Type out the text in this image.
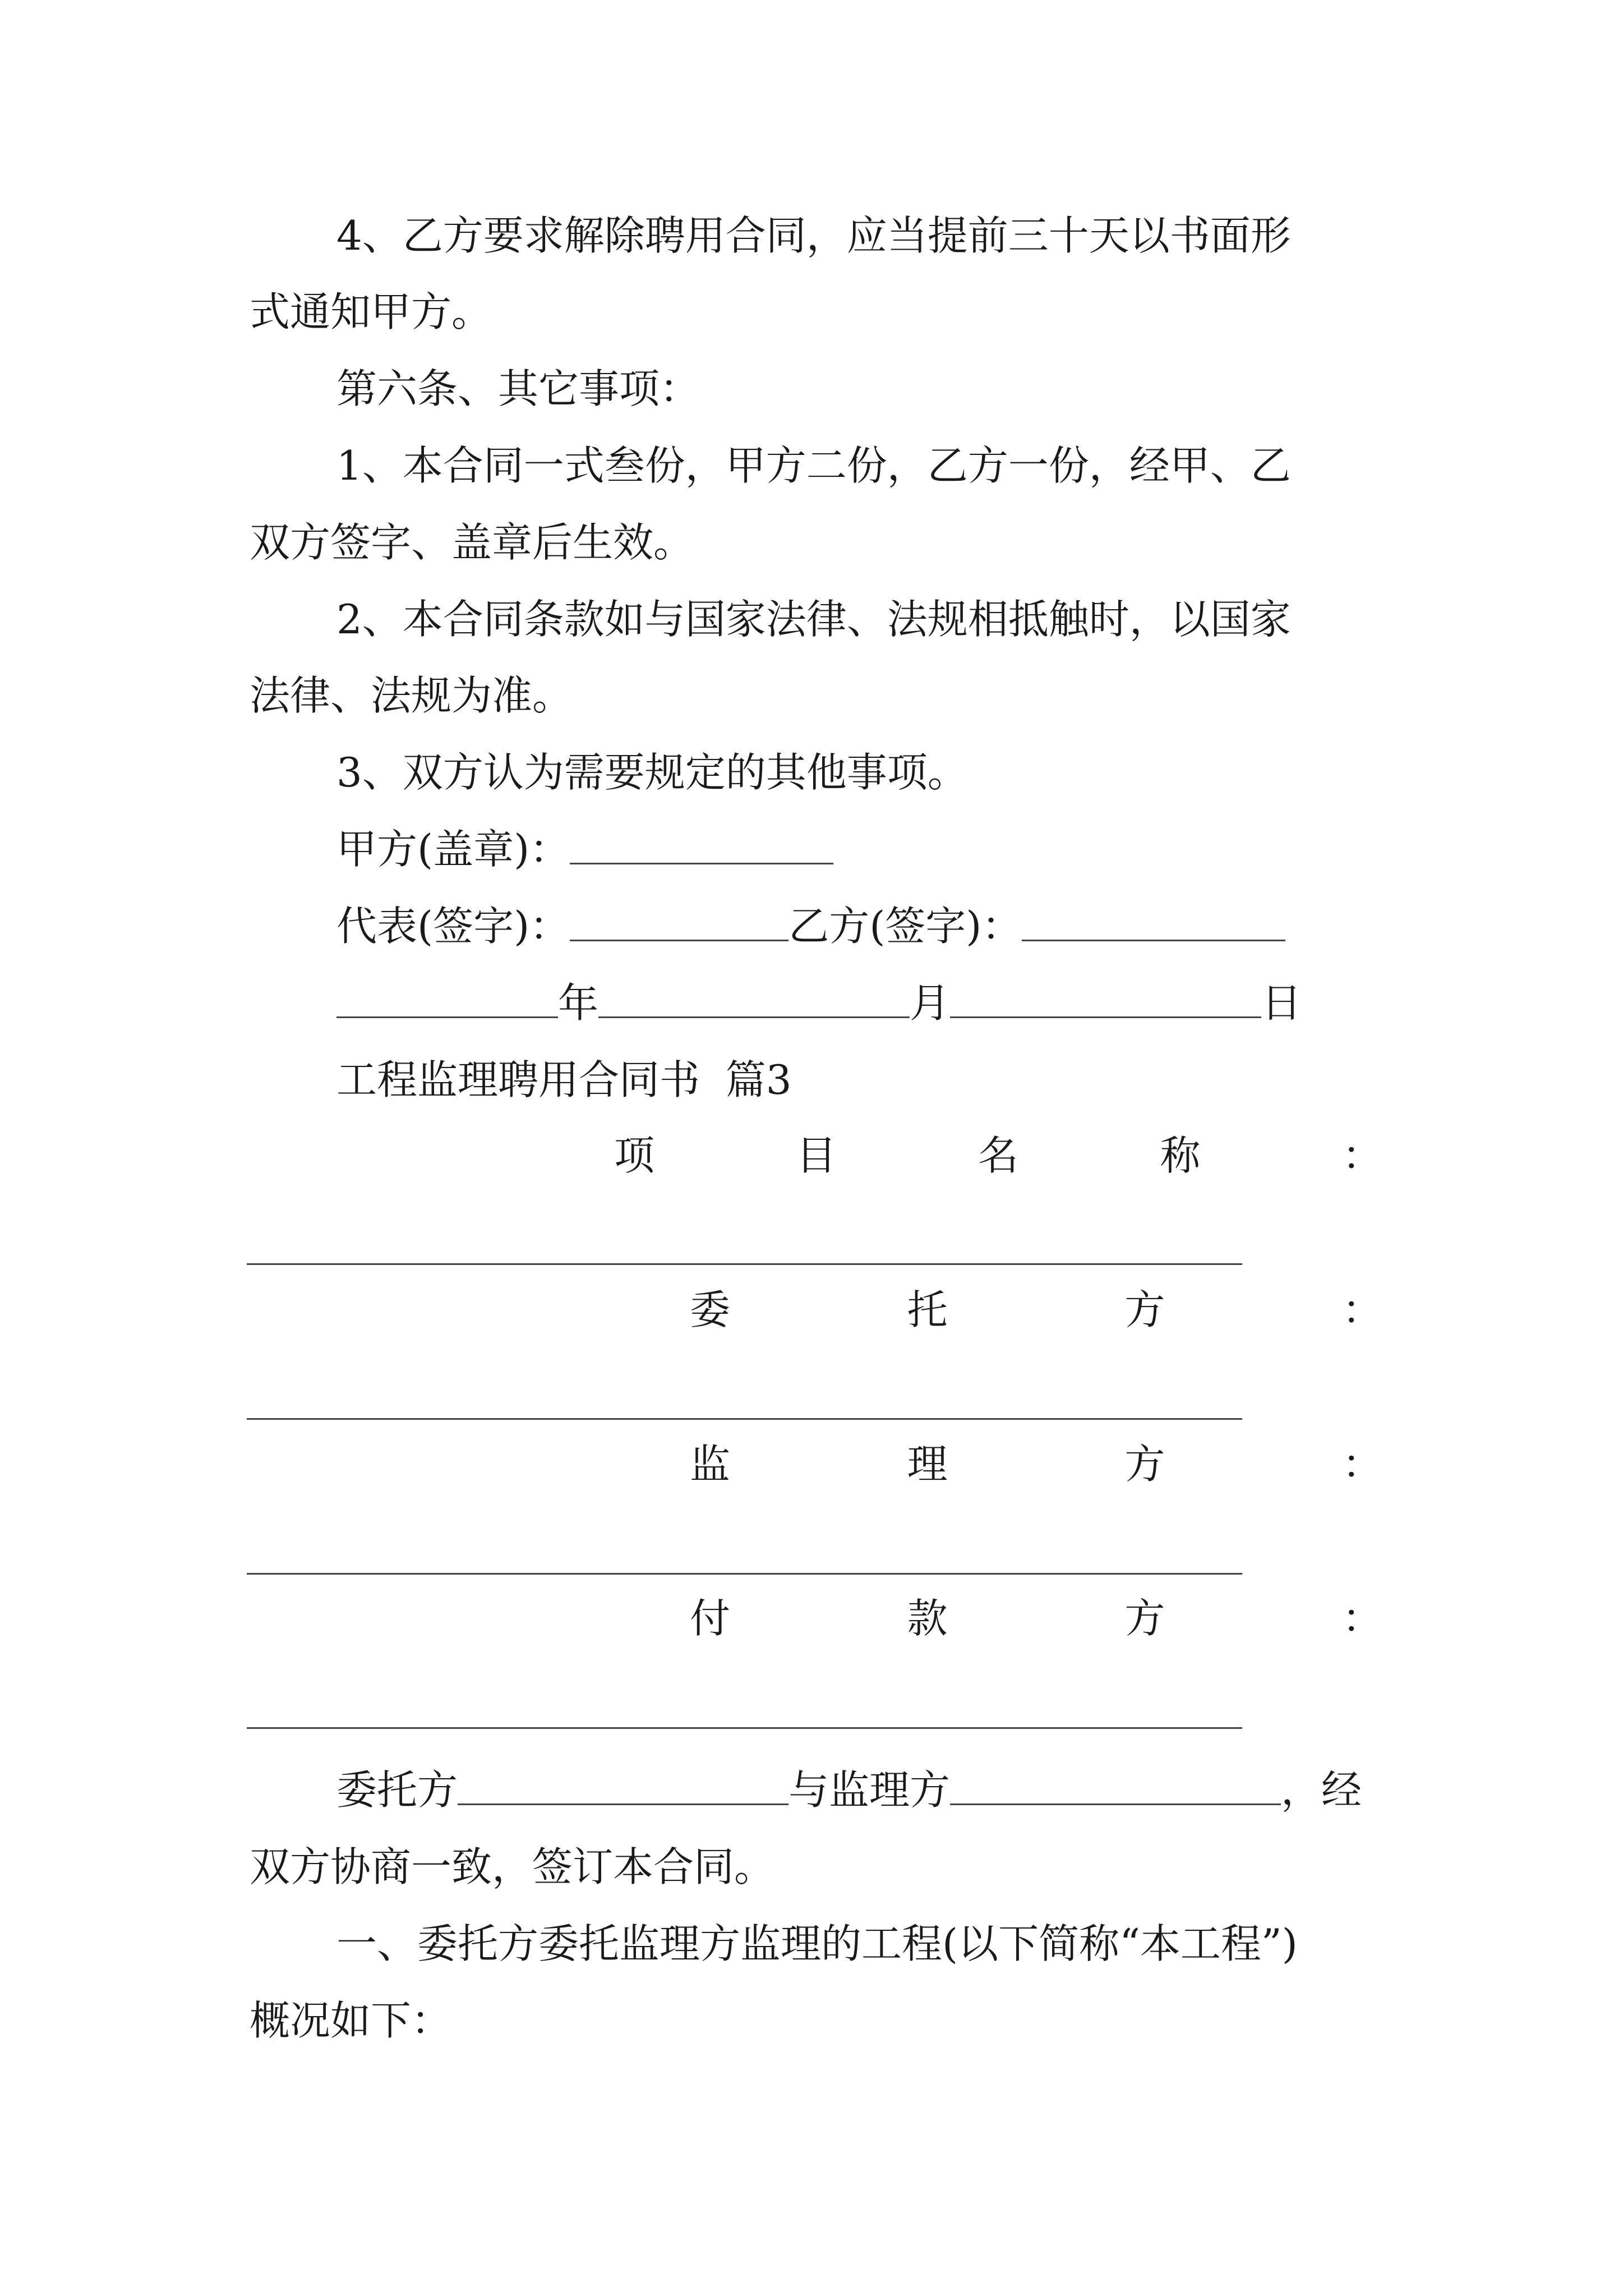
4、乙方要求解除聘用合同，应当提前三十天以书面形
式通知甲方。
第六条、其它事项：
1、本合同一式叁份，甲方二份，乙方一份，经甲、乙
双方签字、盖章后生效。
2、本合同条款如与国家法律、法规相抵触时，以国家
法律、法规为准。
3、双方认为需要规定的其他事项。
甲方(盖章)：
代表(签字)：	乙方(签字)：
年	月	日
工程监理聘用合同书  篇3
项	目	名	称	：
委	托	方	：
监	理	方	：
付	款	方	：
委托方	与监理方	，经
双方协商一致，签订本合同。
一、委托方委托监理方监理的工程(以下简称“本工程”)
概况如下：
